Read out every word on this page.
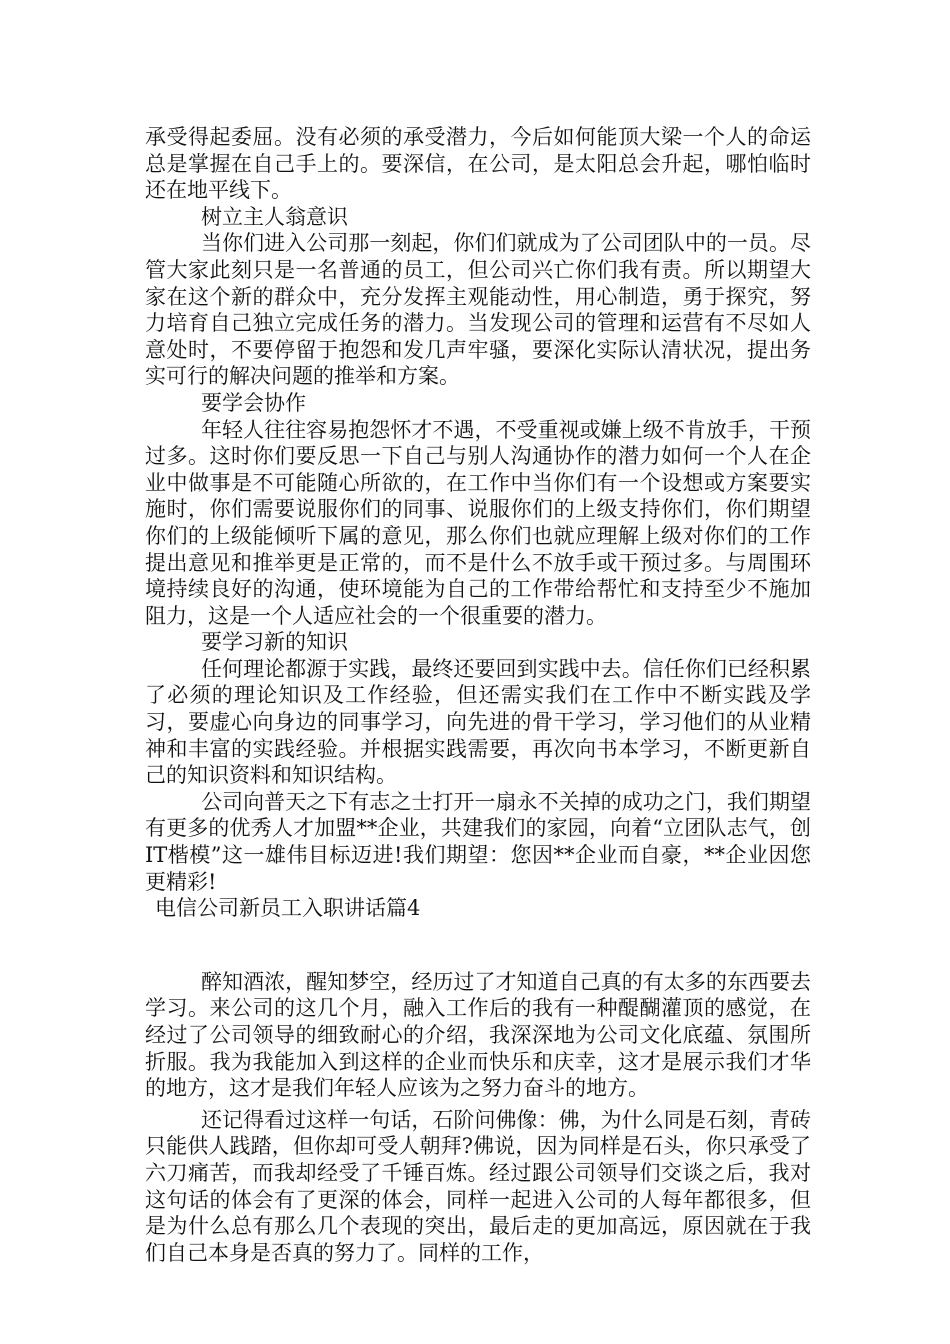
承受得起委屈。没有必须的承受潜力，今后如何能顶大梁一个人的命运总是掌握在自己手上的。要深信，在公司，是太阳总会升起，哪怕临时还在地平线下。

树立主人翁意识

当你们进入公司那一刻起，你们们就成为了公司团队中的一员。尽管大家此刻只是一名普通的员工，但公司兴亡你们我有责。所以期望大家在这个新的群众中，充分发挥主观能动性，用心制造，勇于探究，努力培育自己独立完成任务的潜力。当发现公司的管理和运营有不尽如人意处时，不要停留于抱怨和发几声牢骚，要深化实际认清状况，提出务实可行的解决问题的推举和方案。

要学会协作

年轻人往往容易抱怨怀才不遇，不受重视或嫌上级不肯放手，干预过多。这时你们要反思一下自己与别人沟通协作的潜力如何一个人在企业中做事是不可能随心所欲的，在工作中当你们有一个设想或方案要实施时，你们需要说服你们的同事、说服你们的上级支持你们，你们期望你们的上级能倾听下属的意见，那么你们也就应理解上级对你们的工作提出意见和推举更是正常的，而不是什么不放手或干预过多。与周围环境持续良好的沟通，使环境能为自己的工作带给帮忙和支持至少不施加阻力，这是一个人适应社会的一个很重要的潜力。

要学习新的知识

任何理论都源于实践，最终还要回到实践中去。信任你们已经积累了必须的理论知识及工作经验，但还需实我们在工作中不断实践及学习，要虚心向身边的同事学习，向先进的骨干学习，学习他们的从业精神和丰富的实践经验。并根据实践需要，再次向书本学习，不断更新自己的知识资料和知识结构。

公司向普天之下有志之士打开一扇永不关掉的成功之门，我们期望有更多的优秀人才加盟**企业，共建我们的家园，向着“立团队志气，创IT楷模”这一雄伟目标迈进!我们期望：您因**企业而自豪，**企业因您更精彩!

电信公司新员工入职讲话篇4

醉知酒浓，醒知梦空，经历过了才知道自己真的有太多的东西要去学习。来公司的这几个月，融入工作后的我有一种醍醐灌顶的感觉，在经过了公司领导的细致耐心的介绍，我深深地为公司文化底蕴、氛围所折服。我为我能加入到这样的企业而快乐和庆幸，这才是展示我们才华的地方，这才是我们年轻人应该为之努力奋斗的地方。

还记得看过这样一句话，石阶问佛像：佛，为什么同是石刻，青砖只能供人践踏，但你却可受人朝拜?佛说，因为同样是石头，你只承受了六刀痛苦，而我却经受了千锤百炼。经过跟公司领导们交谈之后，我对这句话的体会有了更深的体会，同样一起进入公司的人每年都很多，但是为什么总有那么几个表现的突出，最后走的更加高远，原因就在于我们自己本身是否真的努力了。同样的工作，
